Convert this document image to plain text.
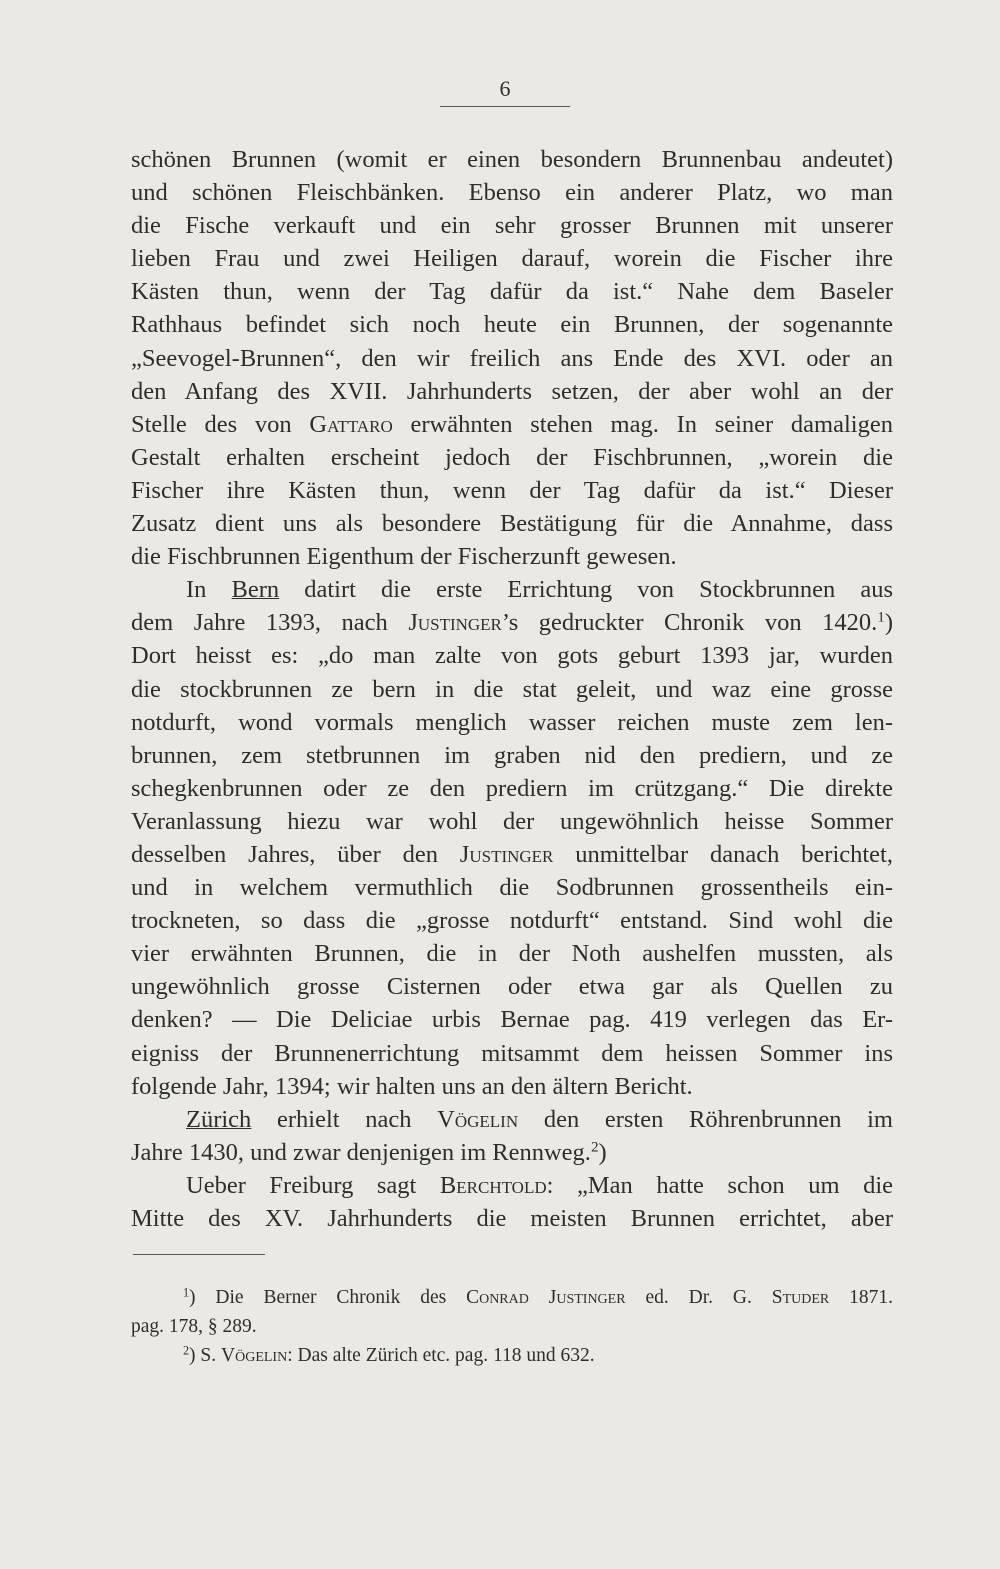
6
schönen Brunnen (womit er einen besondern Brunnenbau andeutet)
und schönen Fleischbänken. Ebenso ein anderer Platz, wo man
die Fische verkauft und ein sehr grosser Brunnen mit unserer
lieben Frau und zwei Heiligen darauf, worein die Fischer ihre
Kästen thun, wenn der Tag dafür da ist.“ Nahe dem Baseler
Rathhaus befindet sich noch heute ein Brunnen, der sogenannte
„Seevogel-Brunnen“, den wir freilich ans Ende des XVI. oder an
den Anfang des XVII. Jahrhunderts setzen, der aber wohl an der
Stelle des von Gattaro erwähnten stehen mag. In seiner damaligen
Gestalt erhalten erscheint jedoch der Fischbrunnen, „worein die
Fischer ihre Kästen thun, wenn der Tag dafür da ist.“ Dieser
Zusatz dient uns als besondere Bestätigung für die Annahme, dass
die Fischbrunnen Eigenthum der Fischerzunft gewesen.
In Bern datirt die erste Errichtung von Stockbrunnen aus
dem Jahre 1393, nach Justinger’s gedruckter Chronik von 1420.$^1$)
Dort heisst es: „do man zalte von gots geburt 1393 jar, wurden
die stockbrunnen ze bern in die stat geleit, und waz eine grosse
notdurft, wond vormals menglich wasser reichen muste zem len-
brunnen, zem stetbrunnen im graben nid den prediern, und ze
schegkenbrunnen oder ze den prediern im crützgang.“ Die direkte
Veranlassung hiezu war wohl der ungewöhnlich heisse Sommer
desselben Jahres, über den Justinger unmittelbar danach berichtet,
und in welchem vermuthlich die Sodbrunnen grossentheils ein-
trockneten, so dass die „grosse notdurft“ entstand. Sind wohl die
vier erwähnten Brunnen, die in der Noth aushelfen mussten, als
ungewöhnlich grosse Cisternen oder etwa gar als Quellen zu
denken? — Die Deliciae urbis Bernae pag. 419 verlegen das Er-
eigniss der Brunnenerrichtung mitsammt dem heissen Sommer ins
folgende Jahr, 1394; wir halten uns an den ältern Bericht.
Zürich erhielt nach Vögelin den ersten Röhrenbrunnen im
Jahre 1430, und zwar denjenigen im Rennweg.$^2$)
Ueber Freiburg sagt Berchtold: „Man hatte schon um die
Mitte des XV. Jahrhunderts die meisten Brunnen errichtet, aber
$^1$) Die Berner Chronik des Conrad Justinger ed. Dr. G. Studer 1871.
pag. 178, § 289.
$^2$) S. Vögelin: Das alte Zürich etc. pag. 118 und 632.
